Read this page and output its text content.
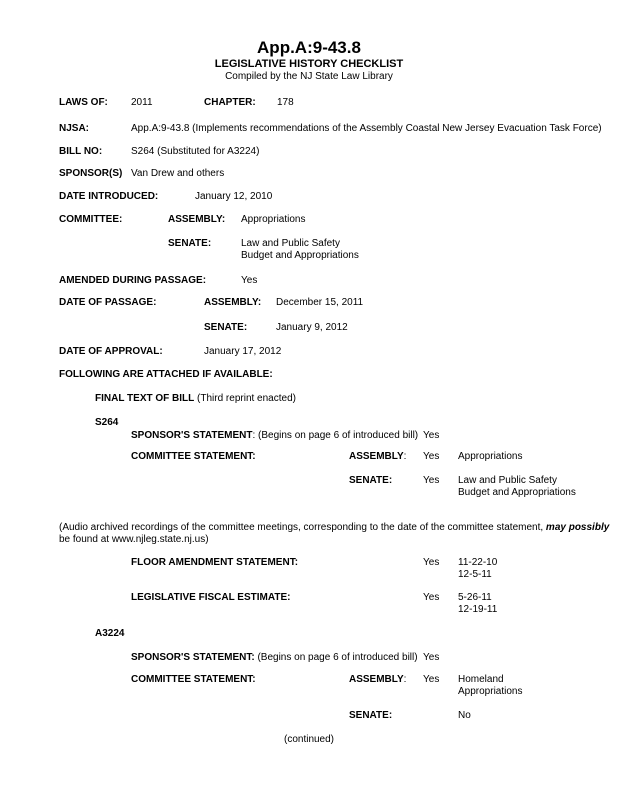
App.A:9-43.8
LEGISLATIVE HISTORY CHECKLIST
Compiled by the NJ State Law Library
LAWS OF: 2011	CHAPTER: 178
NJSA:	App.A:9-43.8 (Implements recommendations of the Assembly Coastal New Jersey Evacuation Task Force)
BILL NO:	S264 (Substituted for A3224)
SPONSOR(S) Van Drew and others
DATE INTRODUCED:	January 12, 2010
COMMITTEE:	ASSEMBLY: Appropriations
SENATE:	Law and Public Safety
Budget and Appropriations
AMENDED DURING PASSAGE:	Yes
DATE OF PASSAGE:	ASSEMBLY: December 15, 2011
SENATE:	January 9, 2012
DATE OF APPROVAL:	January 17, 2012
FOLLOWING ARE ATTACHED IF AVAILABLE:
FINAL TEXT OF BILL (Third reprint enacted)
S264
SPONSOR'S STATEMENT: (Begins on page 6 of introduced bill) Yes
COMMITTEE STATEMENT:	ASSEMBLY: Yes Appropriations
SENATE:	Yes Law and Public Safety
Budget and Appropriations
(Audio archived recordings of the committee meetings, corresponding to the date of the committee statement, may possibly
be found at www.njleg.state.nj.us)
FLOOR AMENDMENT STATEMENT:	Yes 11-22-10
12-5-11
LEGISLATIVE FISCAL ESTIMATE:	Yes 5-26-11
12-19-11
A3224
SPONSOR'S STATEMENT: (Begins on page 6 of introduced bill) Yes
COMMITTEE STATEMENT:	ASSEMBLY: Yes Homeland
Appropriations
SENATE:	No
(continued)
